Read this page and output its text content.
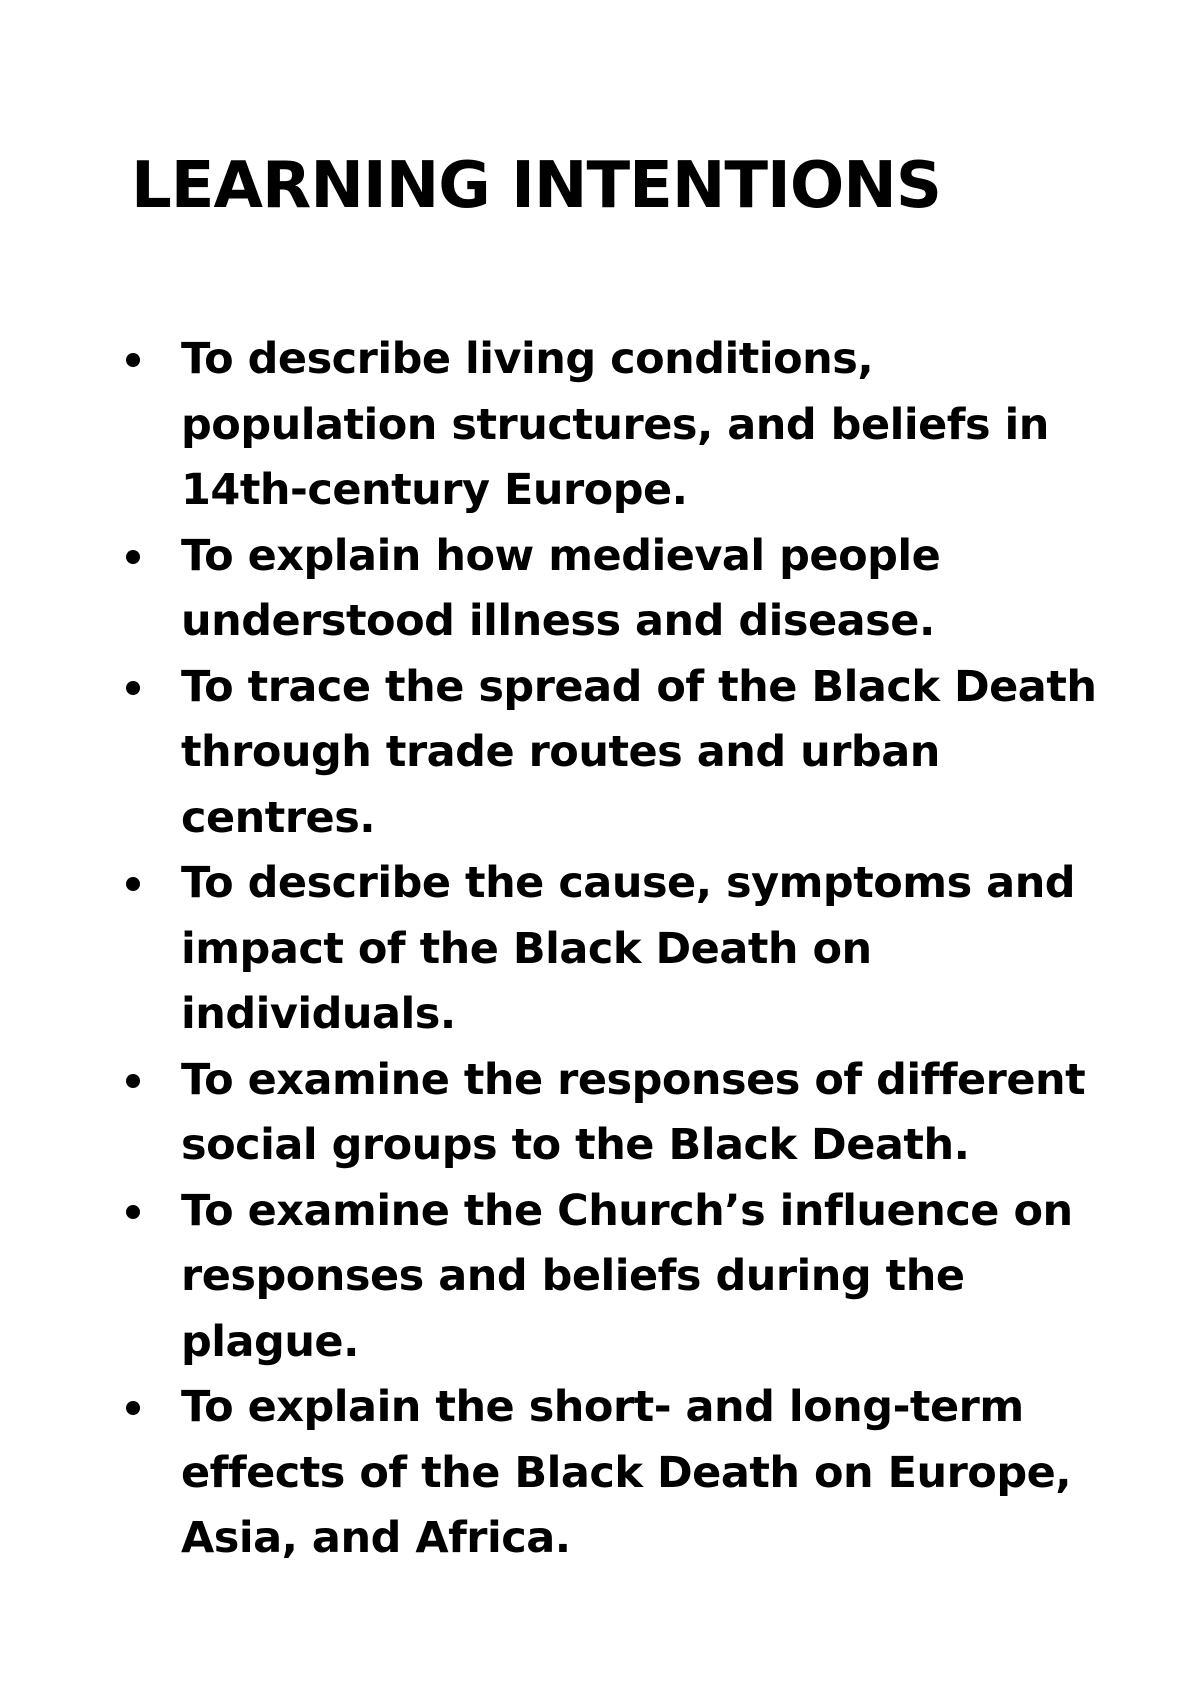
LEARNING INTENTIONS
To describe living conditions,
population structures, and beliefs in
14th-century Europe.
To explain how medieval people
understood illness and disease.
To trace the spread of the Black Death
through trade routes and urban
centres.
To describe the cause, symptoms and
impact of the Black Death on
individuals.
To examine the responses of different
social groups to the Black Death.
To examine the Church’s influence on
responses and beliefs during the
plague.
To explain the short- and long-term
effects of the Black Death on Europe,
Asia, and Africa.
